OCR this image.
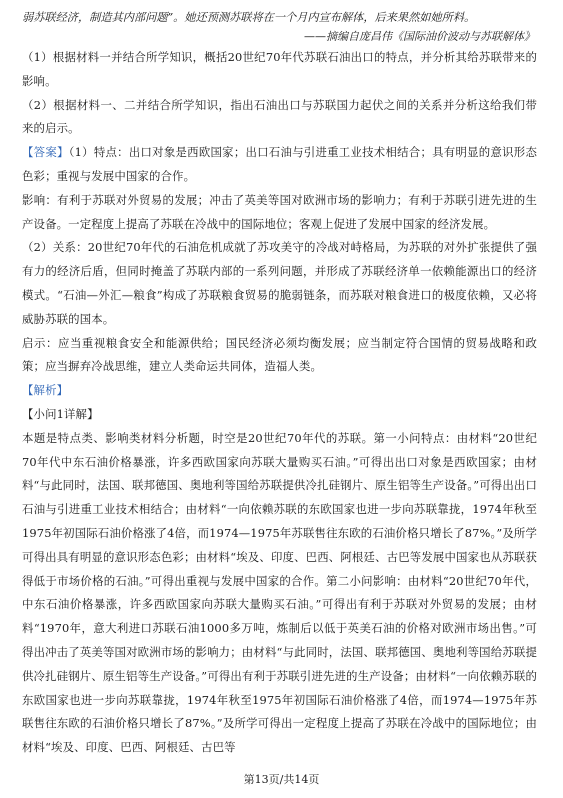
弱苏联经济，制造其内部问题”。她还预测苏联将在一个月内宣布解体，后来果然如她所料。
——摘编自庞昌伟《国际油价波动与苏联解体》

（1）根据材料一并结合所学知识，概括20世纪70年代苏联石油出口的特点，并分析其给苏联带来的影响。

（2）根据材料一、二并结合所学知识，指出石油出口与苏联国力起伏之间的关系并分析这给我们带来的启示。

【答案】（1）特点：出口对象是西欧国家；出口石油与引进重工业技术相结合；具有明显的意识形态色彩；重视与发展中国家的合作。

影响：有利于苏联对外贸易的发展；冲击了英美等国对欧洲市场的影响力；有利于苏联引进先进的生产设备。一定程度上提高了苏联在冷战中的国际地位；客观上促进了发展中国家的经济发展。

（2）关系：20世纪70年代的石油危机成就了苏攻美守的冷战对峙格局，为苏联的对外扩张提供了强有力的经济后盾，但同时掩盖了苏联内部的一系列问题，并形成了苏联经济单一依赖能源出口的经济模式。“石油—外汇—粮食”构成了苏联粮食贸易的脆弱链条，而苏联对粮食进口的极度依赖，又必将威胁苏联的国本。

启示：应当重视粮食安全和能源供给；国民经济必须均衡发展；应当制定符合国情的贸易战略和政策；应当摒弃冷战思维，建立人类命运共同体，造福人类。

【解析】

【小问1详解】

本题是特点类、影响类材料分析题，时空是20世纪70年代的苏联。第一小问特点：由材料“20世纪70年代中东石油价格暴涨，许多西欧国家向苏联大量购买石油。”可得出出口对象是西欧国家；由材料“与此同时，法国、联邦德国、奥地利等国给苏联提供冷扎硅钢片、原生铝等生产设备。”可得出出口石油与引进重工业技术相结合；由材料“一向依赖苏联的东欧国家也进一步向苏联靠拢，1974年秋至1975年初国际石油价格涨了4倍，而1974—1975年苏联售往东欧的石油价格只增长了87%。”及所学可得出具有明显的意识形态色彩；由材料“埃及、印度、巴西、阿根廷、古巴等发展中国家也从苏联获得低于市场价格的石油。”可得出重视与发展中国家的合作。第二小问影响：由材料“20世纪70年代，中东石油价格暴涨，许多西欧国家向苏联大量购买石油。”可得出有利于苏联对外贸易的发展；由材料“1970年，意大利进口苏联石油1000多万吨，炼制后以低于英美石油的价格对欧洲市场出售。”可得出冲击了英美等国对欧洲市场的影响力；由材料“与此同时，法国、联邦德国、奥地利等国给苏联提供冷扎硅钢片、原生铝等生产设备。”可得出有利于苏联引进先进的生产设备；由材料“一向依赖苏联的东欧国家也进一步向苏联靠拢，1974年秋至1975年初国际石油价格涨了4倍，而1974—1975年苏联售往东欧的石油价格只增长了87%。”及所学可得出一定程度上提高了苏联在冷战中的国际地位；由材料“埃及、印度、巴西、阿根廷、古巴等

第13页/共14页
